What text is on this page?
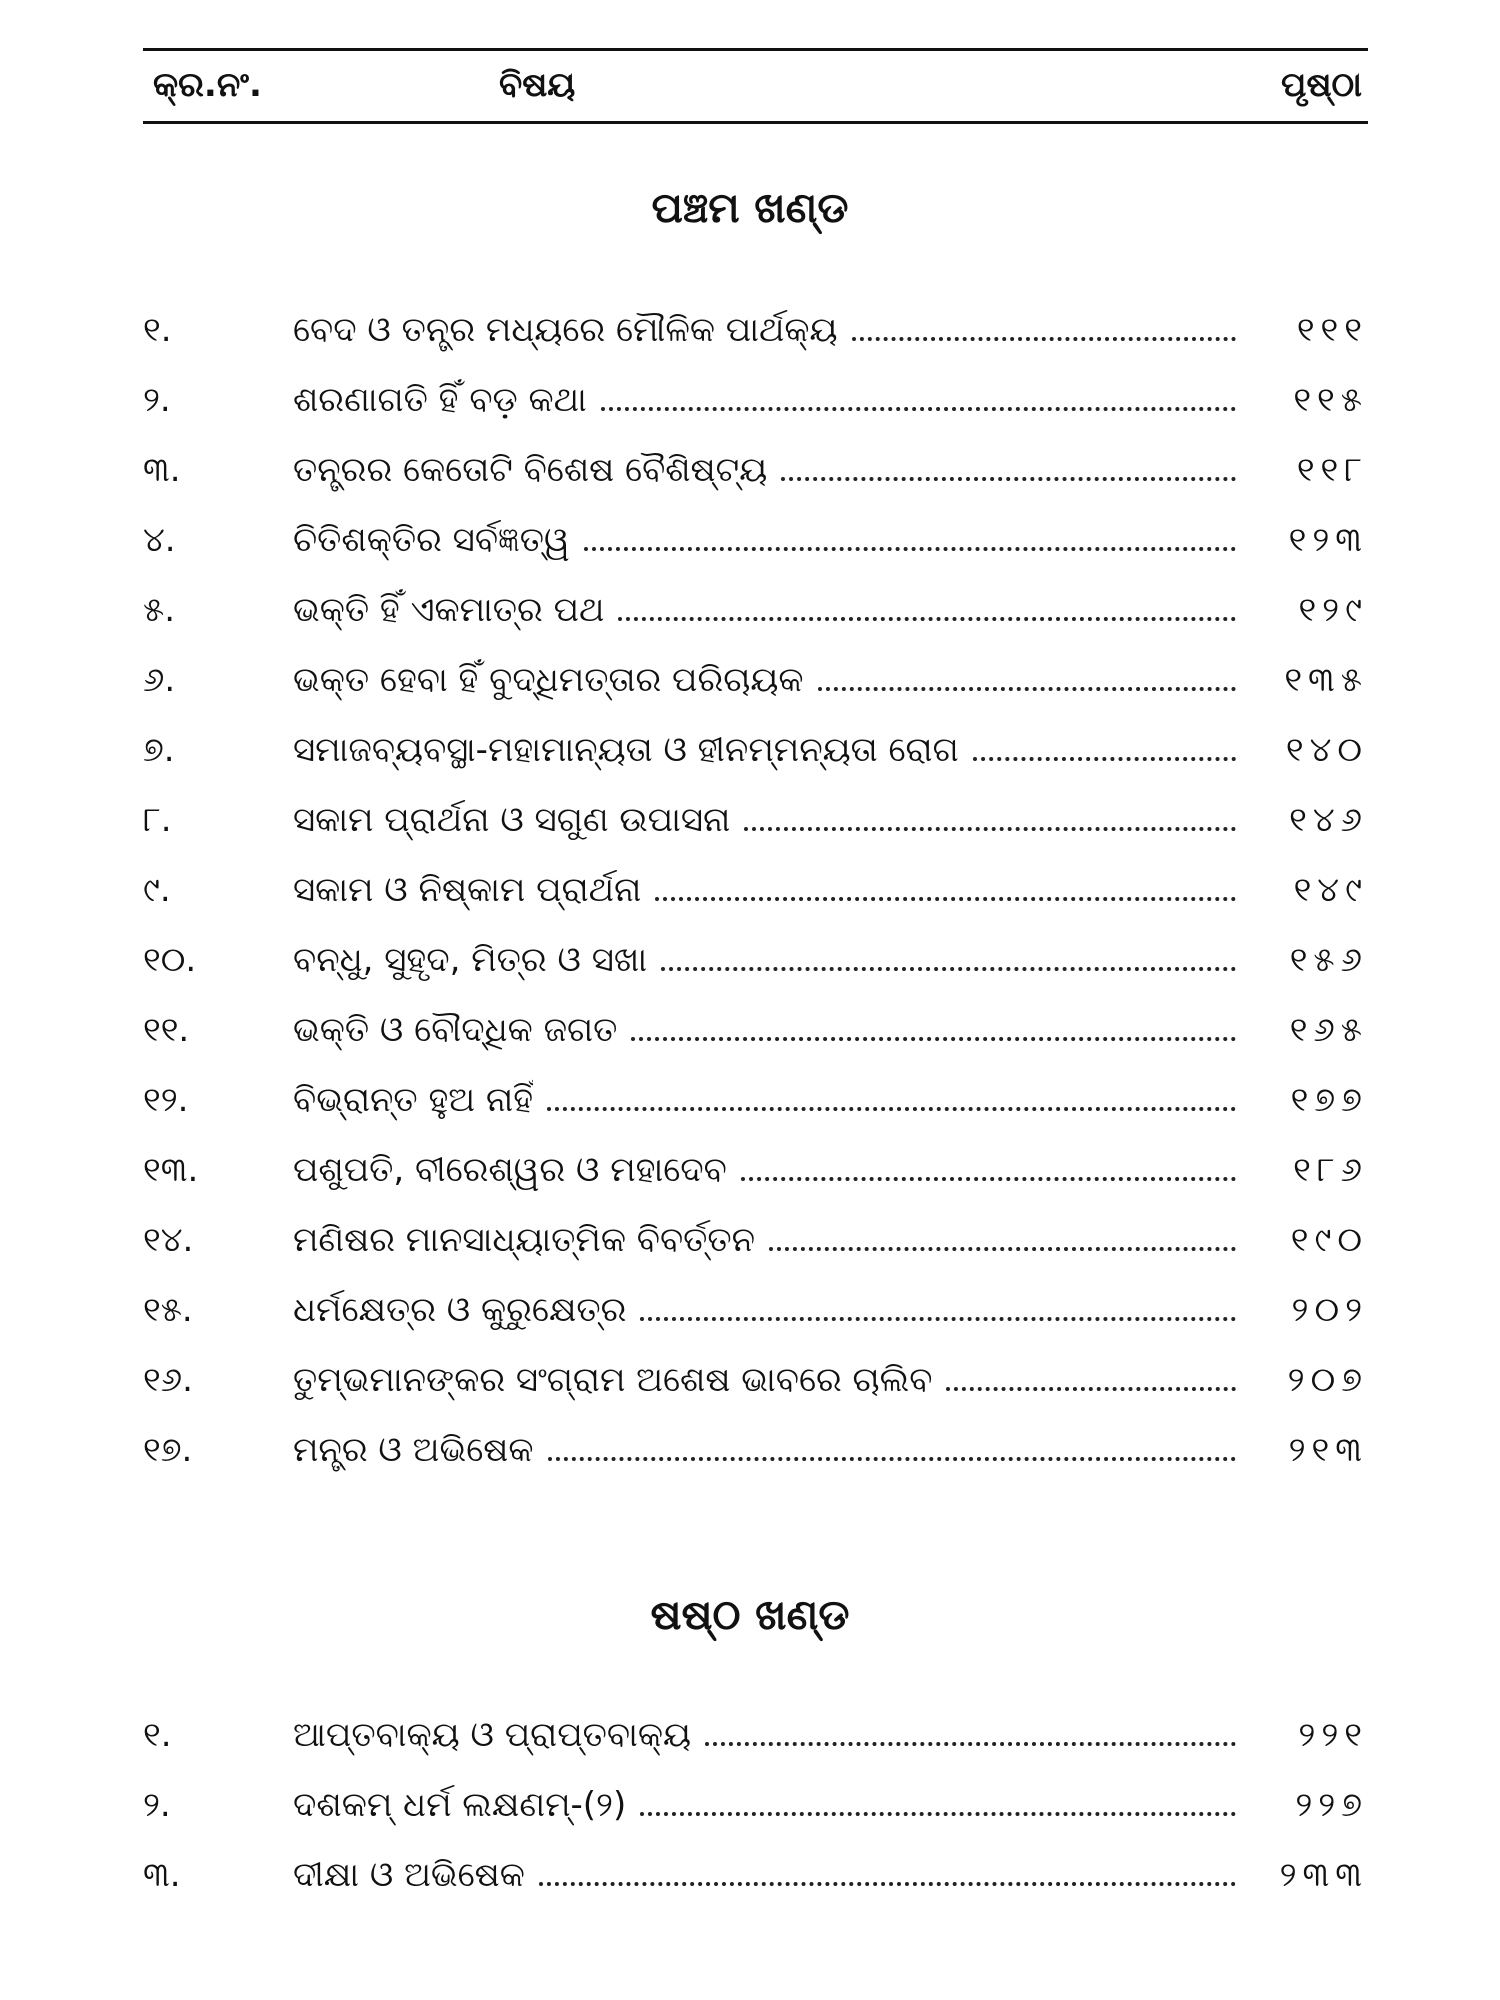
କ୍ର.ନଂ.	ବିଷୟ	ପୃଷ୍ଠା
ପଞ୍ଚମ ଖଣ୍ଡ
୧.	ବେଦ ଓ ତନ୍ତ୍ର ମଧ୍ୟରେ ମୌଳିକ ପାର୍ଥକ୍ୟ	୧୧୧
୨.	ଶରଣାଗତି ହିଁ ବଡ଼ କଥା	୧୧୫
୩.	ତନ୍ତ୍ରର କେତୋଟି ବିଶେଷ ବୈଶିଷ୍ଟ୍ୟ	୧୧୮
୪.	ଚିତିଶକ୍ତିର ସର୍ବଜ୍ଞତ୍ୱ	୧୨୩
୫.	ଭକ୍ତି ହିଁ ଏକମାତ୍ର ପଥ	୧୨୯
୬.	ଭକ୍ତ ହେବା ହିଁ ବୁଦ୍ଧିମତ୍ତାର ପରିଚାୟକ	୧୩୫
୭.	ସମାଜବ୍ୟବସ୍ଥା-ମହାମାନ୍ୟତା ଓ ହୀନମ୍ମନ୍ୟତା ରୋଗ	୧୪୦
୮.	ସକାମ ପ୍ରାର୍ଥନା ଓ ସଗୁଣ ଉପାସନା	୧୪୬
୯.	ସକାମ ଓ ନିଷ୍କାମ ପ୍ରାର୍ଥନା	୧୪୯
୧୦.	ବନ୍ଧୁ, ସୁହୃଦ, ମିତ୍ର ଓ ସଖା	୧୫୬
୧୧.	ଭକ୍ତି ଓ ବୌଦ୍ଧିକ ଜଗତ	୧୬୫
୧୨.	ବିଭ୍ରାନ୍ତ ହୁଅ ନାହିଁ	୧୭୭
୧୩.	ପଶୁପତି, ବୀରେଶ୍ୱର ଓ ମହାଦେବ	୧୮୬
୧୪.	ମଣିଷର ମାନସାଧ୍ୟାତ୍ମିକ ବିବର୍ତ୍ତନ	୧୯୦
୧୫.	ଧର୍ମକ୍ଷେତ୍ର ଓ କୁରୁକ୍ଷେତ୍ର	୨୦୨
୧୬.	ତୁମ୍ଭମାନଙ୍କର ସଂଗ୍ରାମ ଅଶେଷ ଭାବରେ ଚାଲିବ	୨୦୭
୧୭.	ମନ୍ତ୍ର ଓ ଅଭିଷେକ	୨୧୩
ଷଷ୍ଠ ଖଣ୍ଡ
୧.	ଆପ୍ତବାକ୍ୟ ଓ ପ୍ରାପ୍ତବାକ୍ୟ	୨୨୧
୨.	ଦଶକମ୍ ଧର୍ମ ଲକ୍ଷଣମ୍-(୨)	୨୨୭
୩.	ଦୀକ୍ଷା ଓ ଅଭିଷେକ	୨୩୩
